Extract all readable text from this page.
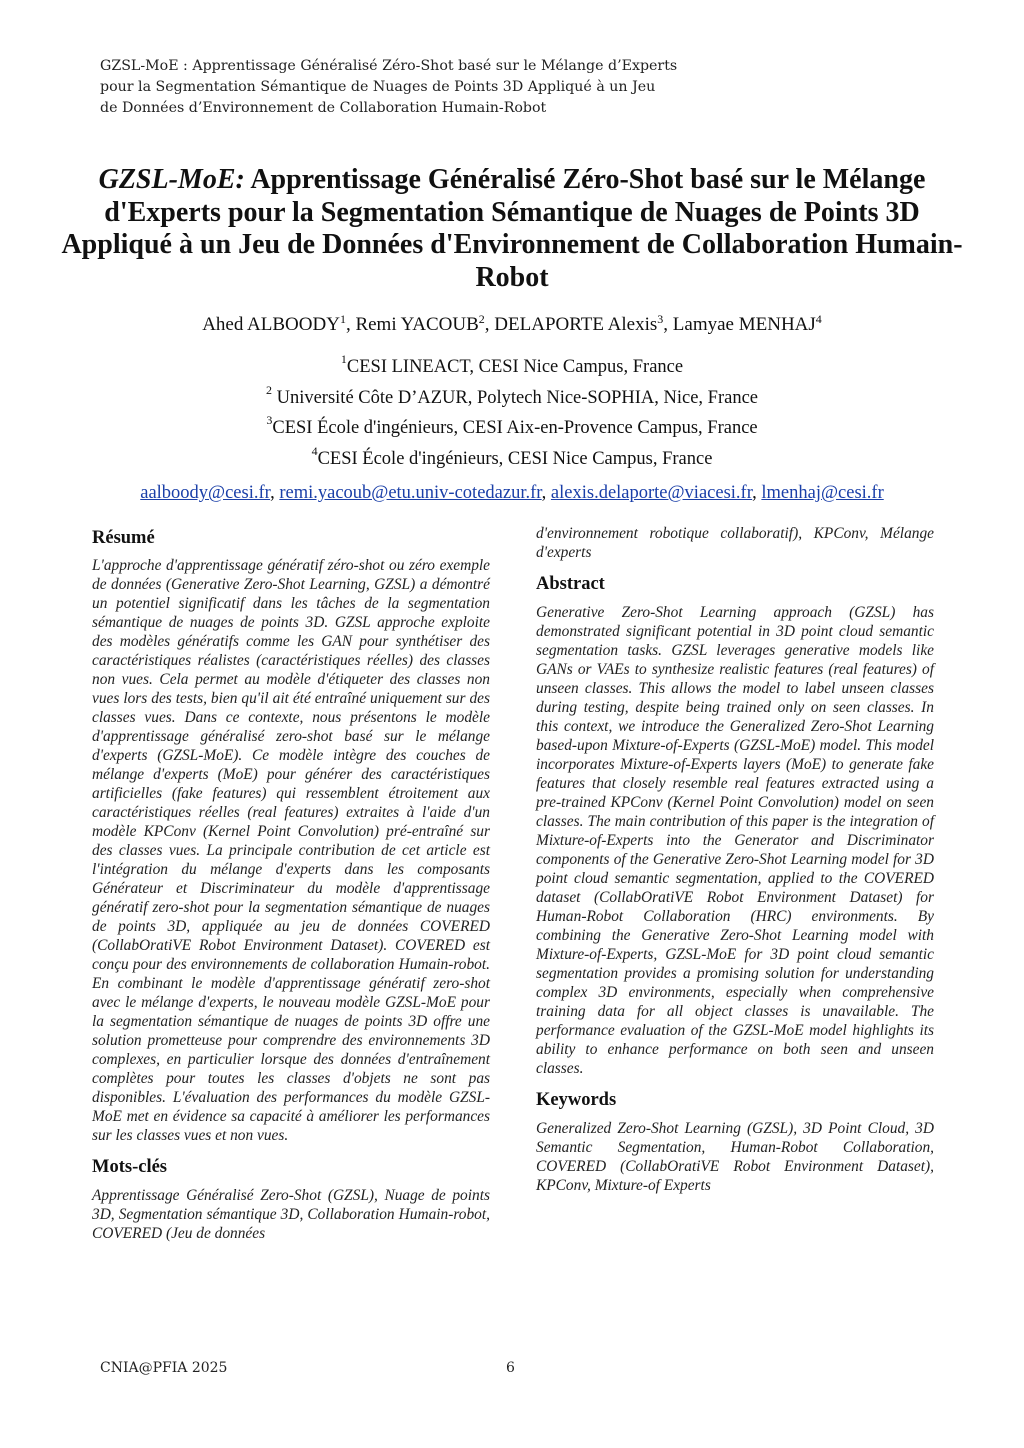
GZSL-MoE : Apprentissage Généralisé Zéro-Shot basé sur le Mélange d’Experts
pour la Segmentation Sémantique de Nuages de Points 3D Appliqué à un Jeu
de Données d’Environnement de Collaboration Humain-Robot
GZSL-MoE: Apprentissage Généralisé Zéro-Shot basé sur le Mélange d'Experts pour la Segmentation Sémantique de Nuages de Points 3D Appliqué à un Jeu de Données d'Environnement de Collaboration Humain-Robot
Ahed ALBOODY$^1$, Remi YACOUB$^2$, DELAPORTE Alexis$^3$, Lamyae MENHAJ$^4$
$^1$CESI LINEACT, CESI Nice Campus, France
$^2$ Université Côte D’AZUR, Polytech Nice-SOPHIA, Nice, France
$^3$CESI École d'ingénieurs, CESI Aix-en-Provence Campus, France
$^4$CESI École d'ingénieurs, CESI Nice Campus, France
aalboody@cesi.fr, remi.yacoub@etu.univ-cotedazur.fr, alexis.delaporte@viacesi.fr, lmenhaj@cesi.fr
Résumé

L'approche d'apprentissage génératif zéro-shot ou zéro exemple de données (Generative Zero-Shot Learning, GZSL) a démontré un potentiel significatif dans les tâches de la segmentation sémantique de nuages de points 3D. GZSL approche exploite des modèles génératifs comme les GAN pour synthétiser des caractéristiques réalistes (caractéristiques réelles) des classes non vues. Cela permet au modèle d'étiqueter des classes non vues lors des tests, bien qu'il ait été entraîné uniquement sur des classes vues. Dans ce contexte, nous présentons le modèle d'apprentissage généralisé zero-shot basé sur le mélange d'experts (GZSL-MoE). Ce modèle intègre des couches de mélange d'experts (MoE) pour générer des caractéristiques artificielles (fake features) qui ressemblent étroitement aux caractéristiques réelles (real features) extraites à l'aide d'un modèle KPConv (Kernel Point Convolution) pré-entraîné sur des classes vues. La principale contribution de cet article est l'intégration du mélange d'experts dans les composants Générateur et Discriminateur du modèle d'apprentissage génératif zero-shot pour la segmentation sémantique de nuages de points 3D, appliquée au jeu de données COVERED (CollabOratiVE Robot Environment Dataset). COVERED est conçu pour des environnements de collaboration Humain-robot. En combinant le modèle d'apprentissage génératif zero-shot avec le mélange d'experts, le nouveau modèle GZSL-MoE pour la segmentation sémantique de nuages de points 3D offre une solution prometteuse pour comprendre des environnements 3D complexes, en particulier lorsque des données d'entraînement complètes pour toutes les classes d'objets ne sont pas disponibles. L'évaluation des performances du modèle GZSL-MoE met en évidence sa capacité à améliorer les performances sur les classes vues et non vues.

Mots-clés

Apprentissage Généralisé Zero-Shot (GZSL), Nuage de points 3D, Segmentation sémantique 3D, Collaboration Humain-robot, COVERED (Jeu de données

d'environnement robotique collaboratif), KPConv, Mélange d'experts

Abstract

Generative Zero-Shot Learning approach (GZSL) has demonstrated significant potential in 3D point cloud semantic segmentation tasks. GZSL leverages generative models like GANs or VAEs to synthesize realistic features (real features) of unseen classes. This allows the model to label unseen classes during testing, despite being trained only on seen classes. In this context, we introduce the Generalized Zero-Shot Learning based-upon Mixture-of-Experts (GZSL-MoE) model. This model incorporates Mixture-of-Experts layers (MoE) to generate fake features that closely resemble real features extracted using a pre-trained KPConv (Kernel Point Convolution) model on seen classes. The main contribution of this paper is the integration of Mixture-of-Experts into the Generator and Discriminator components of the Generative Zero-Shot Learning model for 3D point cloud semantic segmentation, applied to the COVERED dataset (CollabOratiVE Robot Environment Dataset) for Human-Robot Collaboration (HRC) environments. By combining the Generative Zero-Shot Learning model with Mixture-of-Experts, GZSL-MoE for 3D point cloud semantic segmentation provides a promising solution for understanding complex 3D environments, especially when comprehensive training data for all object classes is unavailable. The performance evaluation of the GZSL-MoE model highlights its ability to enhance performance on both seen and unseen classes.

Keywords

Generalized Zero-Shot Learning (GZSL), 3D Point Cloud, 3D Semantic Segmentation, Human-Robot Collaboration, COVERED (CollabOratiVE Robot Environment Dataset), KPConv, Mixture-of Experts

CNIA@PFIA 2025	6
